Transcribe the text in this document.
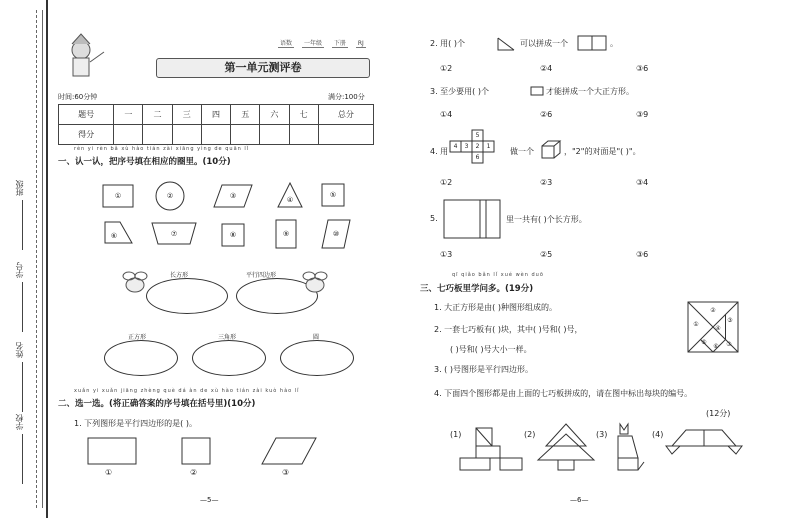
班级
学号
姓名
学校
语数 一年级 下册 RJ
第一单元测评卷
时间:60分钟	满分:100分
题号	一	二	三	四	五	六	七	总分
得分								
rèn yi rèn bǎ xù hào tián zài xiāng yìng de quān lǐ
一、认一认，把序号填在相应的圈里。(10分)
①	②	③	④
⑤
⑥	⑦	⑧	⑨	⑩
长方形	平行四边形
正方形	三角形	圆
xuǎn yi xuǎn jiāng zhèng què dá àn de xù hào tián zài kuò hào lǐ
二、选一选。(将正确答案的序号填在括号里)(10分)
1. 下列图形是平行四边形的是( )。
①	②	③
—5—
2. 用( )个	可以拼成一个	。
①2	②4	③6
3. 至少要用( )个	才能拼成一个大正方形。
①4	②6	③9
4. 用
5
4	3	2	1
6
做一个	，"2"的对面是"( )"。
①2	②3	③4
5.	里一共有( )个长方形。
①3	②5	③6
qī qiǎo bǎn lǐ xué wèn duō
三、七巧板里学问多。(19分)
1. 大正方形是由( )种图形组成的。
2. 一套七巧板有( )块，其中( )号和( )号，
( )号和( )号大小一样。
3. ( )号图形是平行四边形。
4. 下面四个图形都是由上面的七巧板拼成的，请在图中标出每块的编号。
(12分)
①
②
③
④
⑤
⑥	⑦
(1)	(2)	(3)	(4)
—6—
